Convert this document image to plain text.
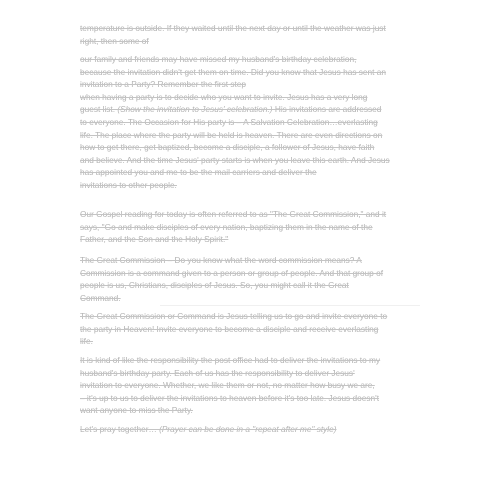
temperature is outside. If they waited until the next day or until the weather was just
right, then some of
our family and friends may have missed my husband's birthday celebration,
because the invitation didn't get them on time. Did you know that Jesus has sent an
invitation to a Party? Remember the first step
when having a party is to decide who you want to invite. Jesus has a very long
guest list. (Show the invitation to Jesus' celebration.) His invitations are addressed
to everyone. The Occasion for His party is – A Salvation Celebration…everlasting
life. The place where the party will be held is heaven. There are even directions on
how to get there, get baptized, become a disciple, a follower of Jesus, have faith
and believe. And the time Jesus' party starts is when you leave this earth. And Jesus
has appointed you and me to be the mail carriers and deliver the
invitations to other people.
Our Gospel reading for today is often referred to as "The Great Commission," and it
says, "Go and make disciples of every nation, baptizing them in the name of the
Father, and the Son and the Holy Spirit."
The Great Commission – Do you know what the word commission means? A
Commission is a command given to a person or group of people. And that group of
people is us, Christians, disciples of Jesus. So, you might call it the Great
Command.
The Great Commission or Command is Jesus telling us to go and invite everyone to
the party in Heaven! Invite everyone to become a disciple and receive everlasting
life.
It is kind of like the responsibility the post office had to deliver the invitations to my
husband's birthday party. Each of us has the responsibility to deliver Jesus'
invitation to everyone. Whether, we like them or not, no matter how busy we are,
– it's up to us to deliver the invitations to heaven before it's too late. Jesus doesn't
want anyone to miss the Party.
Let's pray together… (Prayer can be done in a "repeat after me" style)
